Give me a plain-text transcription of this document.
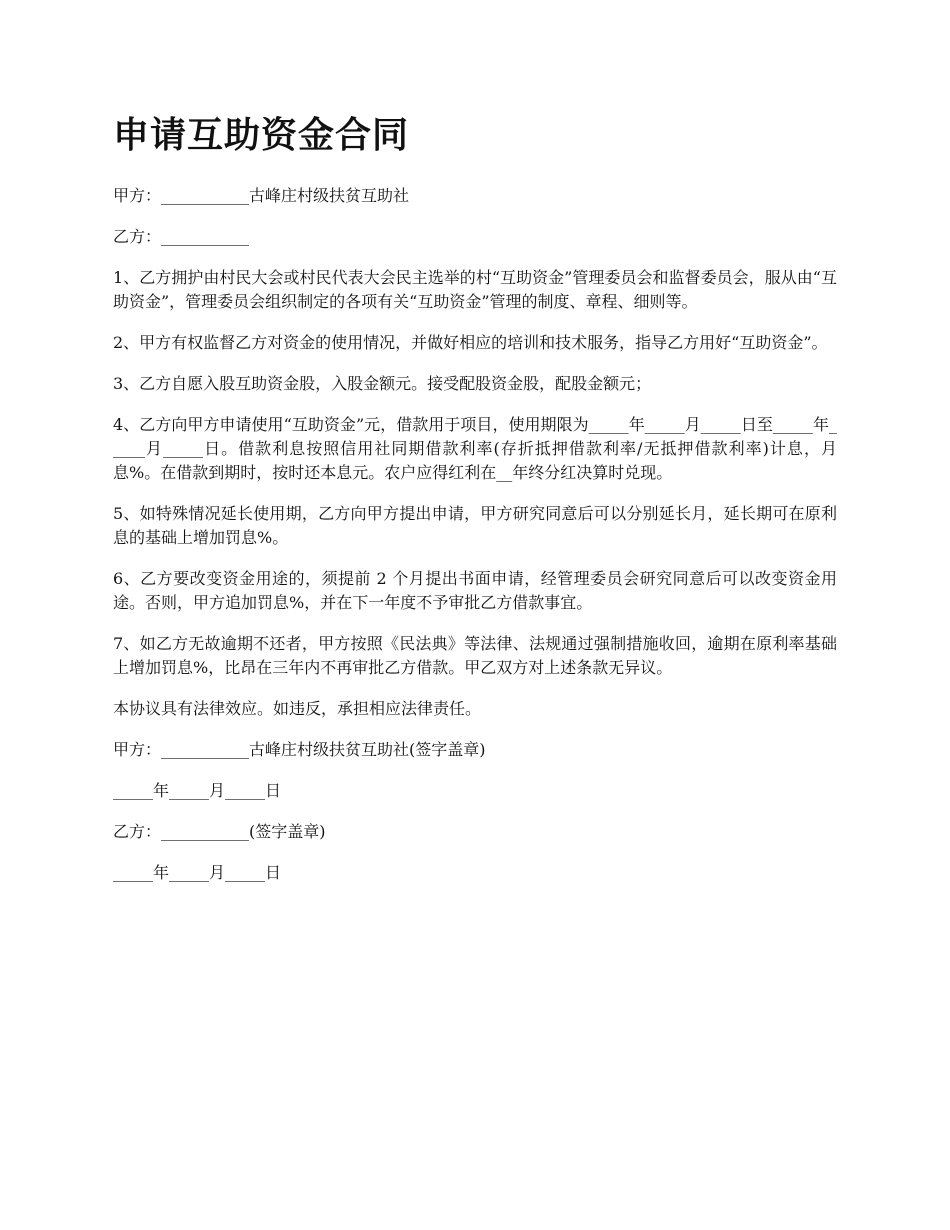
申请互助资金合同

甲方：___________古峰庄村级扶贫互助社

乙方：___________

1、乙方拥护由村民大会或村民代表大会民主选举的村“互助资金”管理委员会和监督委员会，服从由“互助资金”，管理委员会组织制定的各项有关“互助资金”管理的制度、章程、细则等。

2、甲方有权监督乙方对资金的使用情况，并做好相应的培训和技术服务，指导乙方用好“互助资金”。

3、乙方自愿入股互助资金股，入股金额元。接受配股资金股，配股金额元；

4、乙方向甲方申请使用“互助资金”元，借款用于项目，使用期限为_____年_____月_____日至_____年_____月_____日。借款利息按照信用社同期借款利率(存折抵押借款利率/无抵押借款利率)计息，月息%。在借款到期时，按时还本息元。农户应得红利在__年终分红决算时兑现。

5、如特殊情况延长使用期，乙方向甲方提出申请，甲方研究同意后可以分别延长月，延长期可在原利息的基础上增加罚息%。

6、乙方要改变资金用途的，须提前 2 个月提出书面申请，经管理委员会研究同意后可以改变资金用途。否则，甲方追加罚息%，并在下一年度不予审批乙方借款事宜。

7、如乙方无故逾期不还者，甲方按照《民法典》等法律、法规通过强制措施收回，逾期在原利率基础上增加罚息%，比昂在三年内不再审批乙方借款。甲乙双方对上述条款无异议。

本协议具有法律效应。如违反，承担相应法律责任。

甲方：___________古峰庄村级扶贫互助社(签字盖章)

_____年_____月_____日

乙方：___________(签字盖章)

_____年_____月_____日
